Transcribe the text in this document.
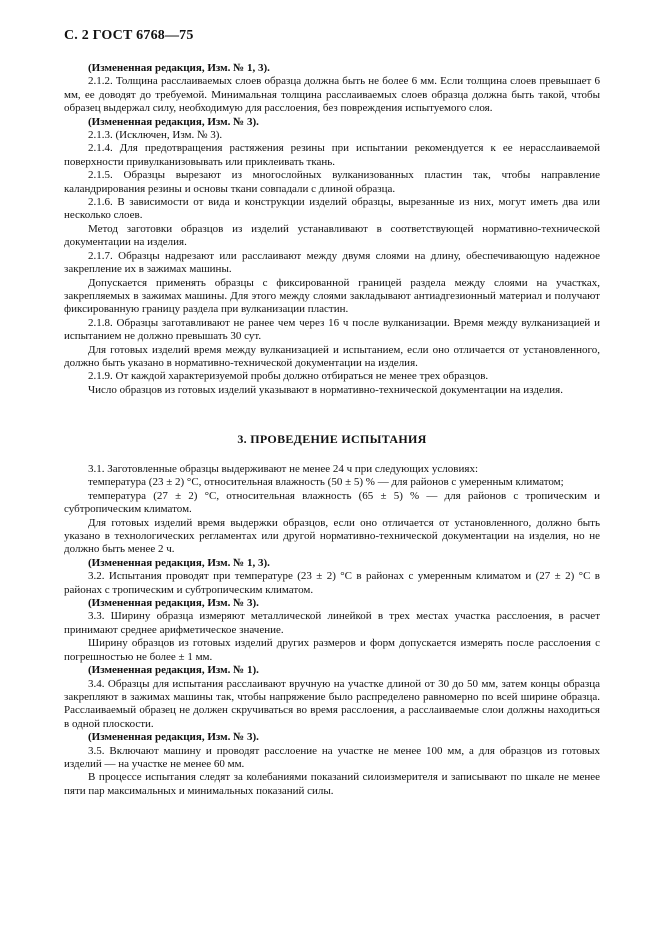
С. 2 ГОСТ 6768—75

(Измененная редакция, Изм. № 1, 3).

2.1.2. Толщина расслаиваемых слоев образца должна быть не более 6 мм. Если толщина слоев превышает 6 мм, ее доводят до требуемой. Минимальная толщина расслаиваемых слоев образца должна быть такой, чтобы образец выдержал силу, необходимую для расслоения, без повреждения испытуемого слоя.

(Измененная редакция, Изм. № 3).

2.1.3. (Исключен, Изм. № 3).

2.1.4. Для предотвращения растяжения резины при испытании рекомендуется к ее нерасслаиваемой поверхности привулканизовывать или приклеивать ткань.

2.1.5. Образцы вырезают из многослойных вулканизованных пластин так, чтобы направление каландрирования резины и основы ткани совпадали с длиной образца.

2.1.6. В зависимости от вида и конструкции изделий образцы, вырезанные из них, могут иметь два или несколько слоев.

Метод заготовки образцов из изделий устанавливают в соответствующей нормативно-технической документации на изделия.

2.1.7. Образцы надрезают или расслаивают между двумя слоями на длину, обеспечивающую надежное закрепление их в зажимах машины.

Допускается применять образцы с фиксированной границей раздела между слоями на участках, закрепляемых в зажимах машины. Для этого между слоями закладывают антиадгезионный материал и получают фиксированную границу раздела при вулканизации пластин.

2.1.8. Образцы заготавливают не ранее чем через 16 ч после вулканизации. Время между вулканизацией и испытанием не должно превышать 30 сут.

Для готовых изделий время между вулканизацией и испытанием, если оно отличается от установленного, должно быть указано в нормативно-технической документации на изделия.

2.1.9. От каждой характеризуемой пробы должно отбираться не менее трех образцов.

Число образцов из готовых изделий указывают в нормативно-технической документации на изделия.

3. ПРОВЕДЕНИЕ ИСПЫТАНИЯ

3.1. Заготовленные образцы выдерживают не менее 24 ч при следующих условиях:

температура (23 ± 2) °С, относительная влажность (50 ± 5) % — для районов с умеренным климатом;

температура (27 ± 2) °С, относительная влажность (65 ± 5) % — для районов с тропическим и субтропическим климатом.

Для готовых изделий время выдержки образцов, если оно отличается от установленного, должно быть указано в технологических регламентах или другой нормативно-технической документации на изделия, но не должно быть менее 2 ч.

(Измененная редакция, Изм. № 1, 3).

3.2. Испытания проводят при температуре (23 ± 2) °С в районах с умеренным климатом и (27 ± 2) °С в районах с тропическим и субтропическим климатом.

(Измененная редакция, Изм. № 3).

3.3. Ширину образца измеряют металлической линейкой в трех местах участка расслоения, в расчет принимают среднее арифметическое значение.

Ширину образцов из готовых изделий других размеров и форм допускается измерять после расслоения с погрешностью не более ± 1 мм.

(Измененная редакция, Изм. № 1).

3.4. Образцы для испытания расслаивают вручную на участке длиной от 30 до 50 мм, затем концы образца закрепляют в зажимах машины так, чтобы напряжение было распределено равномерно по всей ширине образца. Расслаиваемый образец не должен скручиваться во время расслоения, а расслаиваемые слои должны находиться в одной плоскости.

(Измененная редакция, Изм. № 3).

3.5. Включают машину и проводят расслоение на участке не менее 100 мм, а для образцов из готовых изделий — на участке не менее 60 мм.

В процессе испытания следят за колебаниями показаний силоизмерителя и записывают по шкале не менее пяти пар максимальных и минимальных показаний силы.
